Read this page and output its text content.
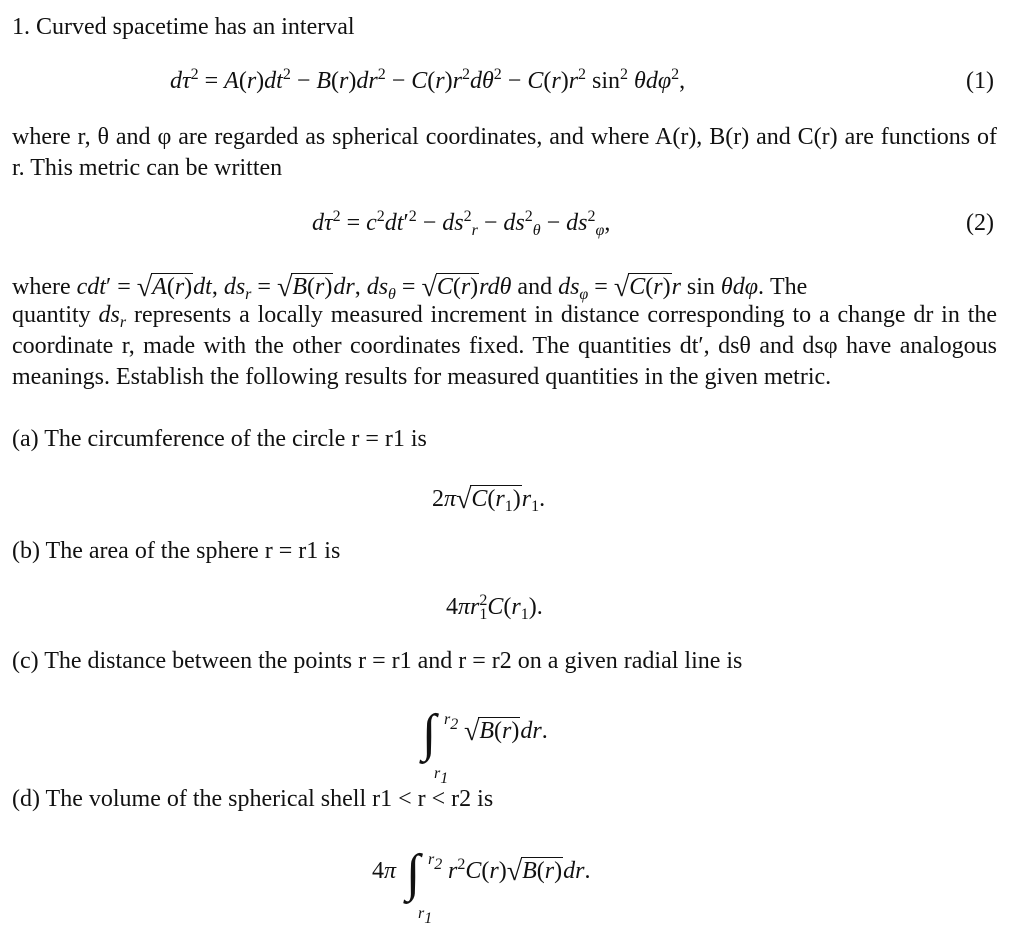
1. Curved spacetime has an interval
$d\tau^2 = A(r)dt^2 - B(r)dr^2 - C(r)r^2d\theta^2 - C(r)r^2$ $\sin^2 \theta d\varphi^2$,	(1)
where r, θ and φ are regarded as spherical coordinates, and where A(r), B(r) and C(r) are functions of r. This metric can be written
$d\tau^2 = c^2dt'^2 - ds^2_r - ds^2_\theta - ds^2_\varphi$,	(2)
where cdt′ = √A(r)dt, $ds_r = √B(r)dr$, $ds_\theta = √C(r)rd\theta$ and $ds_\varphi = √C(r)r$ sin θdφ. The
quantity $ds_r$ represents a locally measured increment in distance corresponding to a change dr in the coordinate r, made with the other coordinates fixed. The quantities dt′, dsθ and dsφ have analogous meanings. Establish the following results for measured quantities in the given metric.
(a) The circumference of the circle r = r1 is
$2\pi√C(r_1)r_1$.
(b) The area of the sphere r = r1 is
$4\pi r^2_1C(r_1)$.
(c) The distance between the points r = r1 and r = r2 on a given radial line is
∫ $r_2$
$r_1$
√B(r)dr.
(d) The volume of the spherical shell r1 < r < r2 is
4π ∫ $r_2$
$r_1$
$r^2C(r)√B(r)dr$.
